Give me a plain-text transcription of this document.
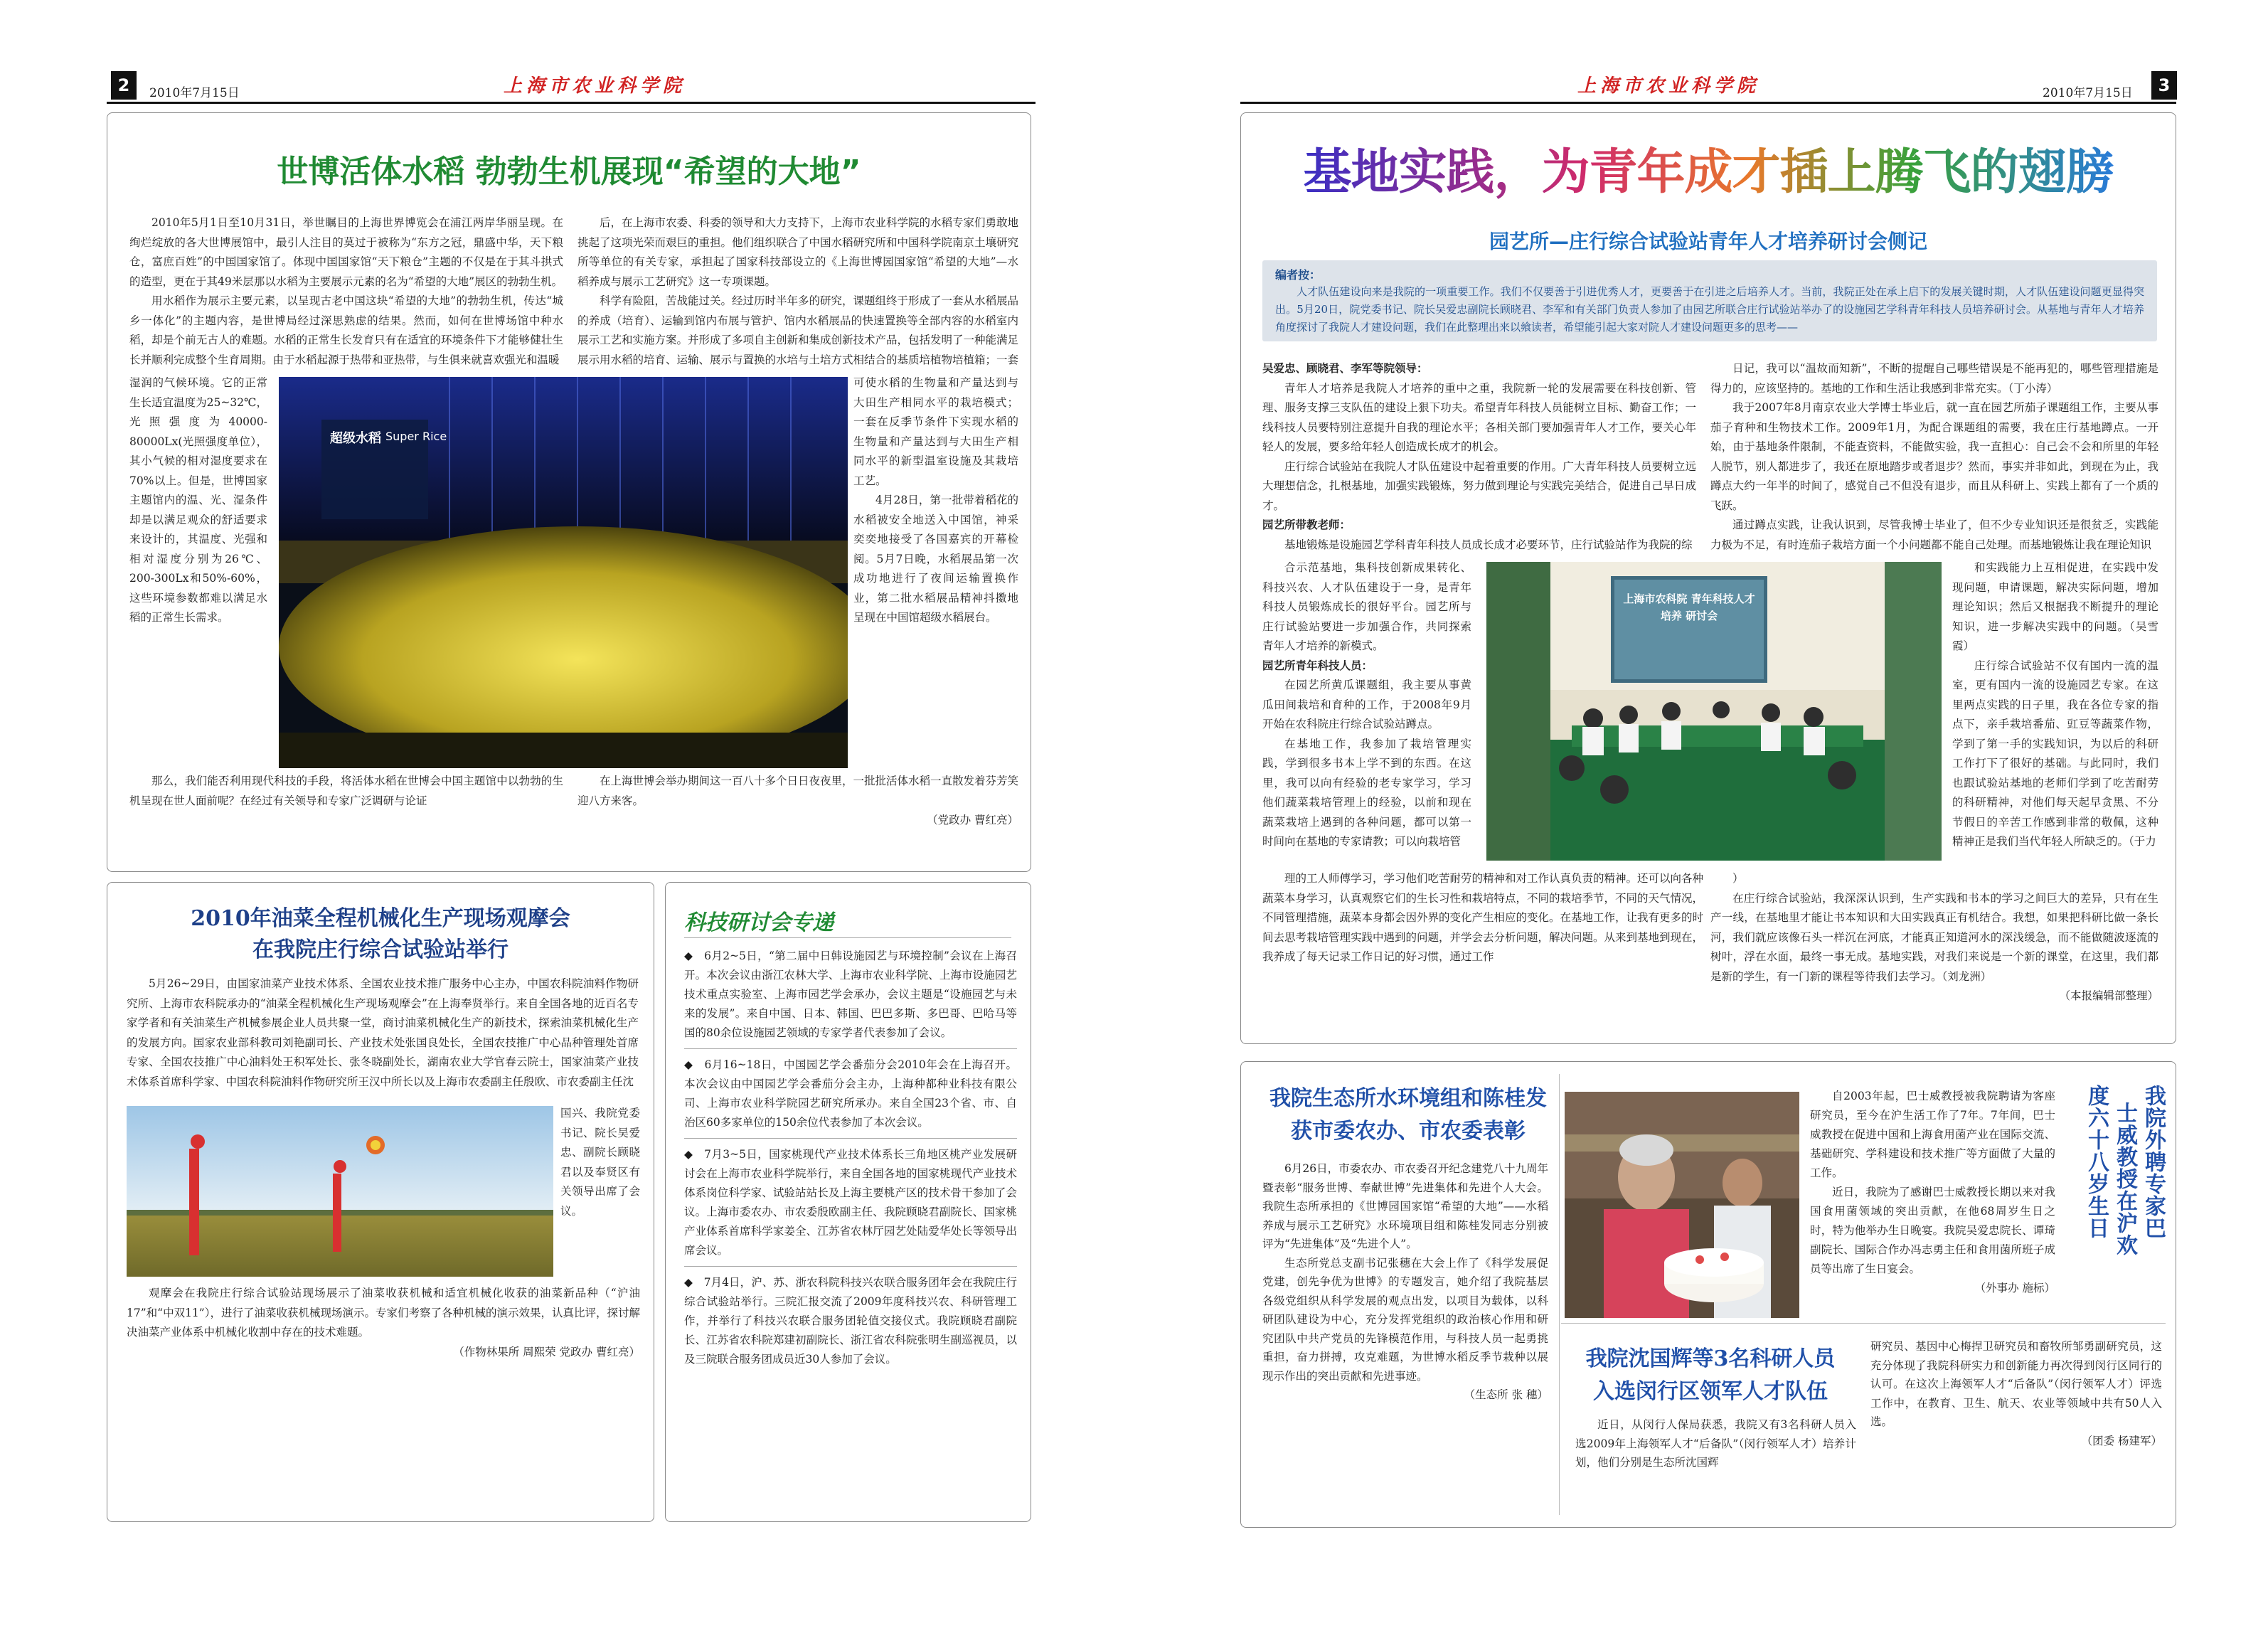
2	2010年7月15日	上海市农业科学院	3
2010年7月15日
上海市农业科学院
世博活体水稻 勃勃生机展现“希望的大地”

2010年5月1日至10月31日，举世瞩目的上海世界博览会在浦江两岸华丽呈现。在绚烂绽放的各大世博展馆中，最引人注目的莫过于被称为“东方之冠，鼎盛中华，天下粮仓，富庶百姓”的中国国家馆了。体现中国国家馆“天下粮仓”主题的不仅是在于其斗拱式的造型，更在于其49米层那以水稻为主要展示元素的名为“希望的大地”展区的勃勃生机。

用水稻作为展示主要元素，以呈现古老中国这块“希望的大地”的勃勃生机，传达“城乡一体化”的主题内容，是世博局经过深思熟虑的结果。然而，如何在世博场馆中种水稻，却是个前无古人的难题。水稻的正常生长发育只有在适宜的环境条件下才能够健壮生长并顺利完成整个生育周期。由于水稻起源于热带和亚热带，与生俱来就喜欢强光和温暖

湿润的气候环境。它的正常生长适宜温度为25~32℃，光照强度为40000-80000Lx(光照强度单位），其小气候的相对湿度要求在70%以上。但是，世博国家主题馆内的温、光、湿条件却是以满足观众的舒适要求来设计的，其温度、光强和相对湿度分别为26℃、200-300Lx和50%-60%，这些环境参数都难以满足水稻的正常生长需求。

那么，我们能否利用现代科技的手段，将活体水稻在世博会中国主题馆中以勃勃的生机呈现在世人面前呢？在经过有关领导和专家广泛调研与论证

后，在上海市农委、科委的领导和大力支持下，上海市农业科学院的水稻专家们勇敢地挑起了这项光荣而艰巨的重担。他们组织联合了中国水稻研究所和中国科学院南京土壤研究所等单位的有关专家，承担起了国家科技部设立的《上海世博园国家馆“希望的大地”—水稻养成与展示工艺研究》这一专项课题。

科学有险阻，苦战能过关。经过历时半年多的研究，课题组终于形成了一套从水稻展品的养成（培育）、运输到馆内布展与管护、馆内水稻展品的快速置换等全部内容的水稻室内展示工艺和实施方案。并形成了多项自主创新和集成创新技术产品，包括发明了一种能满足展示用水稻的培育、运输、展示与置换的水培与土培方式相结合的基质培植物培植箱；一套

可使水稻的生物量和产量达到与大田生产相同水平的栽培模式；一套在反季节条件下实现水稻的生物量和产量达到与大田生产相同水平的新型温室设施及其栽培工艺。

4月28日，第一批带着稻花的水稻被安全地送入中国馆，神采奕奕地接受了各国嘉宾的开幕检阅。5月7日晚，水稻展品第一次成功地进行了夜间运输置换作业，第二批水稻展品精神抖擞地呈现在中国馆超级水稻展台。

在上海世博会举办期间这一百八十多个日日夜夜里，一批批活体水稻一直散发着芬芳笑迎八方来客。

（党政办 曹红亮）

超级水稻 Super Rice
2010年油菜全程机械化生产现场观摩会
在我院庄行综合试验站举行

5月26~29日，由国家油菜产业技术体系、全国农业技术推广服务中心主办，中国农科院油料作物研究所、上海市农科院承办的“油菜全程机械化生产现场观摩会”在上海奉贤举行。来自全国各地的近百名专家学者和有关油菜生产机械参展企业人员共聚一堂，商讨油菜机械化生产的新技术，探索油菜机械化生产的发展方向。国家农业部科教司刘艳副司长、产业技术处张国良处长，全国农技推广中心品种管理处首席专家、全国农技推广中心油料处王积军处长、张冬晓副处长，湖南农业大学官春云院士，国家油菜产业技术体系首席科学家、中国农科院油料作物研究所王汉中所长以及上海市农委副主任殷欧、市农委副主任沈

国兴、我院党委书记、院长吴爱忠、副院长顾晓君以及奉贤区有关领导出席了会议。

观摩会在我院庄行综合试验站现场展示了油菜收获机械和适宜机械化收获的油菜新品种（“沪油17”和“中双11”），进行了油菜收获机械现场演示。专家们考察了各种机械的演示效果，认真比评，探讨解决油菜产业体系中机械化收割中存在的技术难题。

（作物林果所 周熙荣 党政办 曹红亮）

科技研讨会专递

◆　 6月2~5日，“第二届中日韩设施园艺与环境控制”会议在上海召开。本次会议由浙江农林大学、上海市农业科学院、上海市设施园艺技术重点实验室、上海市园艺学会承办，会议主题是“设施园艺与未来的发展”。来自中国、日本、韩国、巴巴多斯、多巴哥、巴哈马等国的80余位设施园艺领域的专家学者代表参加了会议。

◆　 6月16~18日，中国园艺学会番茄分会2010年会在上海召开。本次会议由中国园艺学会番茄分会主办，上海种都种业科技有限公司、上海市农业科学院园艺研究所承办。来自全国23个省、市、自治区60多家单位的150余位代表参加了本次会议。

◆　 7月3~5日，国家桃现代产业技术体系长三角地区桃产业发展研讨会在上海市农业科学院举行，来自全国各地的国家桃现代产业技术体系岗位科学家、试验站站长及上海主要桃产区的技术骨干参加了会议。上海市委农办、市农委殷欧副主任、我院顾晓君副院长、国家桃产业体系首席科学家姜全、江苏省农林厅园艺处陆爱华处长等领导出席会议。

◆　 7月4日，沪、苏、浙农科院科技兴农联合服务团年会在我院庄行综合试验站举行。三院汇报交流了2009年度科技兴农、科研管理工作，并举行了科技兴农联合服务团轮值交接仪式。我院顾晓君副院长、江苏省农科院郑建初副院长、浙江省农科院张明生副巡视员，以及三院联合服务团成员近30人参加了会议。

基地实践，为青年成才插上腾飞的翅膀
园艺所—庄行综合试验站青年人才培养研讨会侧记
编者按：
人才队伍建设向来是我院的一项重要工作。我们不仅要善于引进优秀人才，更要善于在引进之后培养人才。当前，我院正处在承上启下的发展关键时期，人才队伍建设问题更显得突出。5月20日，院党委书记、院长吴爱忠副院长顾晓君、李军和有关部门负责人参加了由园艺所联合庄行试验站举办了的设施园艺学科青年科技人员培养研讨会。从基地与青年人才培养角度探讨了我院人才建设问题，我们在此整理出来以飨读者，希望能引起大家对院人才建设问题更多的思考——

吴爱忠、顾晓君、李军等院领导：

青年人才培养是我院人才培养的重中之重，我院新一轮的发展需要在科技创新、管理、服务支撑三支队伍的建设上狠下功夫。希望青年科技人员能树立目标、勤奋工作；一线科技人员要特别注意提升自我的理论水平；各相关部门要加强青年人才工作，要关心年轻人的发展，要多给年轻人创造成长成才的机会。

庄行综合试验站在我院人才队伍建设中起着重要的作用。广大青年科技人员要树立远大理想信念，扎根基地，加强实践锻炼，努力做到理论与实践完美结合，促进自己早日成才。

园艺所带教老师：

基地锻炼是设施园艺学科青年科技人员成长成才必要环节，庄行试验站作为我院的综

合示范基地，集科技创新成果转化、科技兴农、人才队伍建设于一身，是青年科技人员锻炼成长的很好平台。园艺所与庄行试验站要进一步加强合作，共同探索青年人才培养的新模式。

园艺所青年科技人员：

在园艺所黄瓜课题组，我主要从事黄瓜田间栽培和育种的工作，于2008年9月开始在农科院庄行综合试验站蹲点。

在基地工作，我参加了栽培管理实践，学到很多书本上学不到的东西。在这里，我可以向有经验的老专家学习，学习他们蔬菜栽培管理上的经验，以前和现在蔬菜栽培上遇到的各种问题，都可以第一时间向在基地的专家请教；可以向栽培管

理的工人师傅学习，学习他们吃苦耐劳的精神和对工作认真负责的精神。还可以向各种蔬菜本身学习，认真观察它们的生长习性和栽培特点，不同的栽培季节，不同的天气情况，不同管理措施，蔬菜本身都会因外界的变化产生相应的变化。在基地工作，让我有更多的时间去思考栽培管理实践中遇到的问题，并学会去分析问题，解决问题。从来到基地到现在，我养成了每天记录工作日记的好习惯，通过工作

日记，我可以“温故而知新”，不断的提醒自己哪些错误是不能再犯的，哪些管理措施是得力的，应该坚持的。基地的工作和生活让我感到非常充实。（丁小涛）

我于2007年8月南京农业大学博士毕业后，就一直在园艺所茄子课题组工作，主要从事茄子育种和生物技术工作。2009年1月，为配合课题组的需要，我在庄行基地蹲点。一开始，由于基地条件限制，不能查资料，不能做实验，我一直担心：自己会不会和所里的年轻人脱节，别人都进步了，我还在原地踏步或者退步？然而，事实并非如此，到现在为止，我蹲点大约一年半的时间了，感觉自己不但没有退步，而且从科研上、实践上都有了一个质的飞跃。

通过蹲点实践，让我认识到，尽管我博士毕业了，但不少专业知识还是很贫乏，实践能力极为不足，有时连茄子栽培方面一个小问题都不能自己处理。而基地锻炼让我在理论知识

和实践能力上互相促进，在实践中发现问题，申请课题，解决实际问题，增加理论知识；然后又根据我不断提升的理论知识，进一步解决实践中的问题。（吴雪霞）

庄行综合试验站不仅有国内一流的温室，更有国内一流的设施园艺专家。在这里两点实践的日子里，我在各位专家的指点下，亲手栽培番茄、豇豆等蔬菜作物，学到了第一手的实践知识，为以后的科研工作打下了很好的基础。与此同时，我们也跟试验站基地的老师们学到了吃苦耐劳的科研精神，对他们每天起早贪黑、不分节假日的辛苦工作感到非常的敬佩，这种精神正是我们当代年轻人所缺乏的。（于力

）

在庄行综合试验站，我深深认识到，生产实践和书本的学习之间巨大的差异，只有在生产一线，在基地里才能让书本知识和大田实践真正有机结合。我想，如果把科研比做一条长河，我们就应该像石头一样沉在河底，才能真正知道河水的深浅缓急，而不能做随波逐流的树叶，浮在水面，最终一事无成。基地实践，对我们来说是一个新的课堂，在这里，我们都是新的学生，有一门新的课程等待我们去学习。（刘龙洲）

（本报编辑部整理）

上海市农科院 青年科技人才培养 研讨会
我院生态所水环境组和陈桂发
获市委农办、市农委表彰

6月26日，市委农办、市农委召开纪念建党八十九周年暨表彰“服务世博、奉献世博”先进集体和先进个人大会。我院生态所承担的《世博园国家馆“希望的大地”——水稻养成与展示工艺研究》水环境项目组和陈桂发同志分别被评为“先进集体”及“先进个人”。

生态所党总支副书记张穗在大会上作了《科学发展促党建，创先争优为世博》的专题发言，她介绍了我院基层各级党组织从科学发展的观点出发，以项目为载体，以科研团队建设为中心，充分发挥党组织的政治核心作用和研究团队中共产党员的先锋模范作用，与科技人员一起勇挑重担，奋力拼搏，攻克难题，为世博水稻反季节栽种以展现示作出的突出贡献和先进事迹。

（生态所 张 穗）

自2003年起，巴士威教授被我院聘请为客座研究员，至今在沪生活工作了7年。7年间，巴士威教授在促进中国和上海食用菌产业在国际交流、基础研究、学科建设和技术推广等方面做了大量的工作。

近日，我院为了感谢巴士威教授长期以来对我国食用菌领域的突出贡献，在他68周岁生日之时，特为他举办生日晚宴。我院吴爱忠院长、谭琦副院长、国际合作办冯志勇主任和食用菌所班子成员等出席了生日宴会。

（外事办 施标）

我院外聘专家巴
士威教授在沪欢
度六十八岁生日
我院沈国辉等3名科研人员
入选闵行区领军人才队伍

近日，从闵行人保局获悉，我院又有3名科研人员入选2009年上海领军人才“后备队”（闵行领军人才）培养计划，他们分别是生态所沈国辉

研究员、基因中心梅捍卫研究员和畜牧所邹勇副研究员，这充分体现了我院科研实力和创新能力再次得到闵行区同行的认可。在这次上海领军人才“后备队”（闵行领军人才）评选工作中，在教育、卫生、航天、农业等领域中共有50人入选。

（团委 杨建军）
